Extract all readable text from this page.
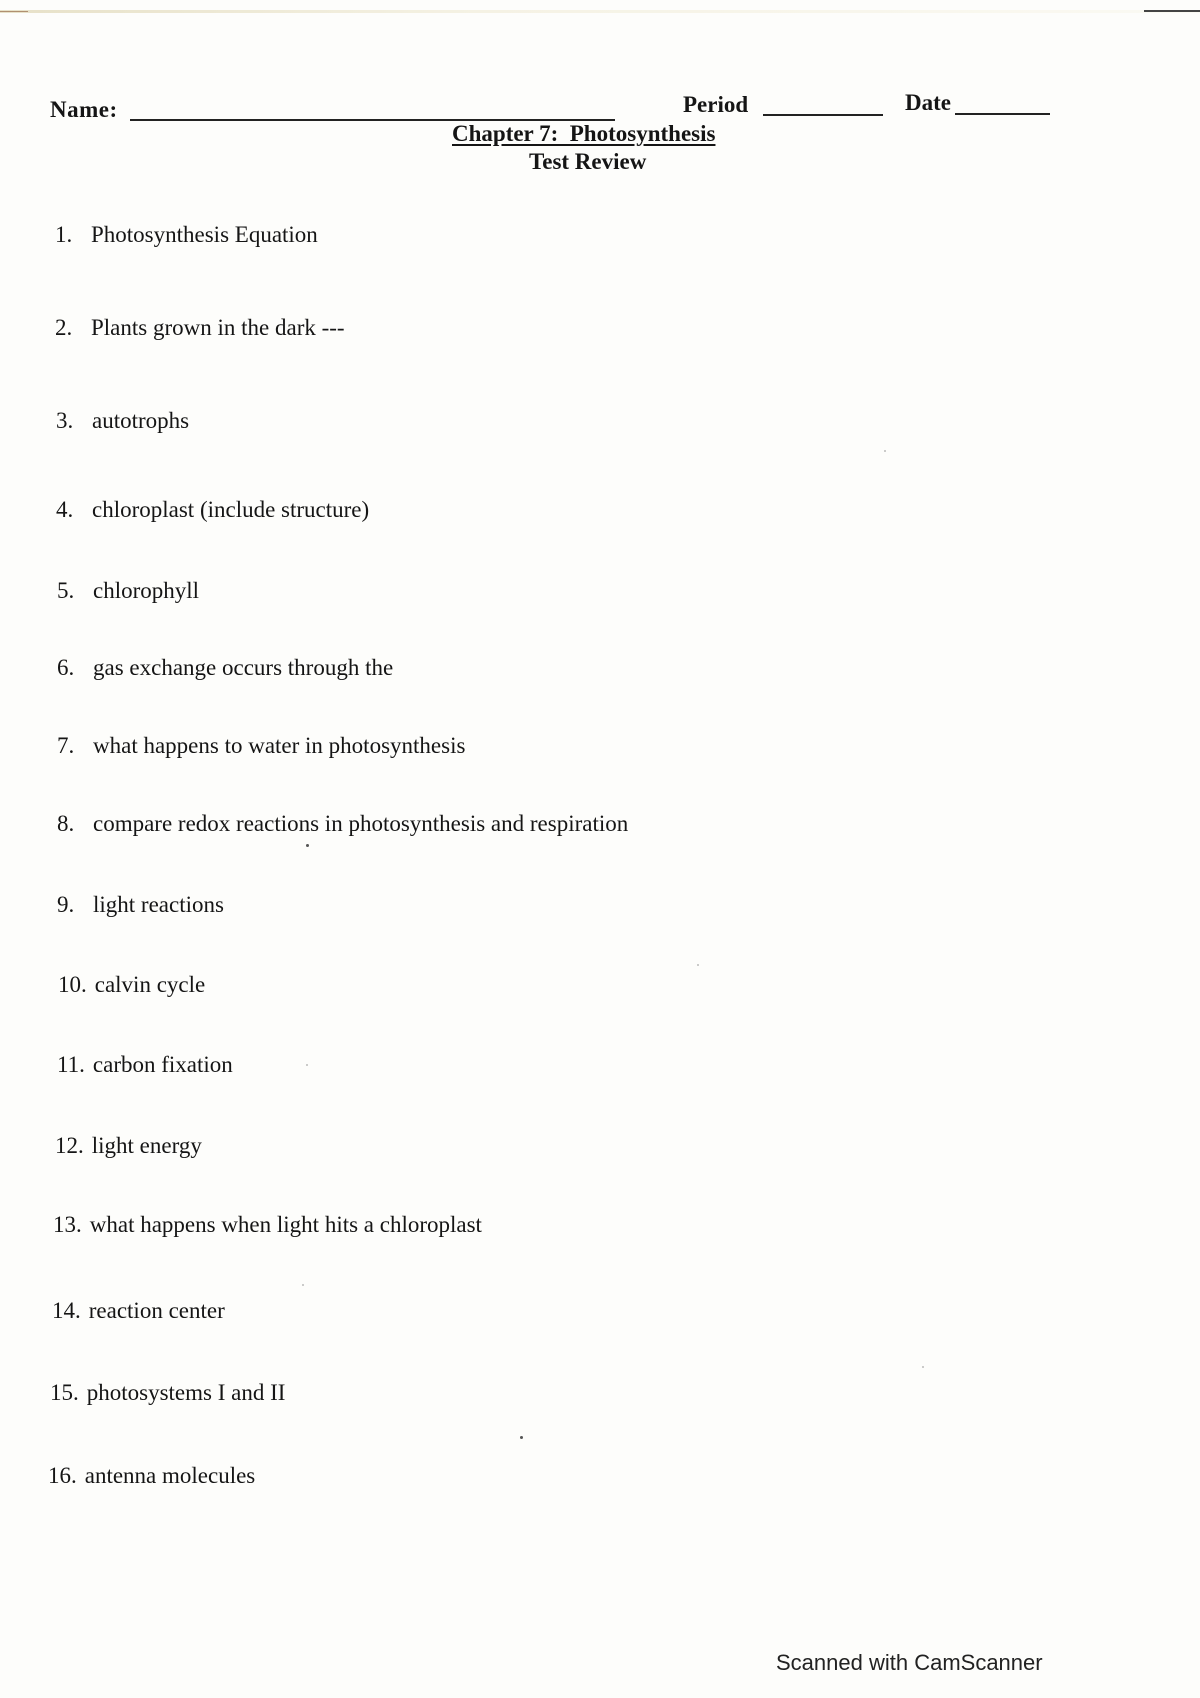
Name:	Period	Date
Chapter 7:  Photosynthesis
Test Review
1. Photosynthesis Equation
2. Plants grown in the dark ---
3. autotrophs
4. chloroplast (include structure)
5. chlorophyll
6. gas exchange occurs through the
7. what happens to water in photosynthesis
8. compare redox reactions in photosynthesis and respiration
9. light reactions
10. calvin cycle
11. carbon fixation
12. light energy
13. what happens when light hits a chloroplast
14. reaction center
15. photosystems I and II
16. antenna molecules
Scanned with CamScanner
